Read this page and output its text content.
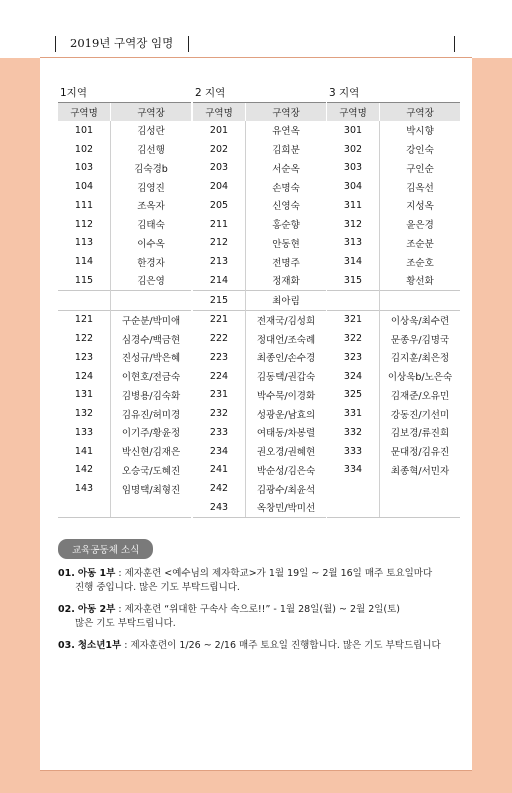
2019년 구역장 임명
1지역
구역명	구역장
101	김성란
102	김선행
103	김숙경b
104	김영진
111	조옥자
112	김태숙
113	이수옥
114	한경자
115	김은영

121	구순분/박미애
122	심경수/백금현
123	진성규/박은혜
124	이현호/전금숙
131	김병용/김숙화
132	김유진/허미경
133	이기주/황윤정
141	박신현/김재은
142	오승국/도혜진
143	임명택/최형진

2 지역
구역명	구역장
201	유연옥
202	김희분
203	서순옥
204	손명숙
205	신영숙
211	홍순향
212	안동현
213	전명주
214	정재화
215	최아림
221	전재국/김성희
222	정대언/조숙례
223	최종인/손수경
224	김동택/권갑숙
231	박수묵/이경화
232	성광운/남효의
233	여태동/차봉렬
234	권오경/권혜현
241	박순성/김은숙
242	김광수/최윤석
243	옥창민/박미선
3 지역
구역명	구역장
301	박시향
302	강인숙
303	구인순
304	김옥선
311	지성옥
312	윤은경
313	조순분
314	조순호
315	황선화

321	이상욱/최수련
322	문종우/김명국
323	김지훈/최은정
324	이상욱b/노은숙
325	김재준/오유민
331	강동진/기선미
332	김보경/류진희
333	문대정/김유진
334	최종혁/서민자

교육공동체 소식
01. 아동 1부 : 제자훈련 <예수님의 제자학교>가 1월 19일 ~ 2월 16일 매주 토요일마다
진행 중입니다. 많은 기도 부탁드립니다.
02. 아동 2부 : 제자훈련 “위대한 구속사 속으로!!” - 1월 28일(월) ~ 2월 2일(토)
많은 기도 부탁드립니다.
03. 청소년1부 : 제자훈련이 1/26 ~ 2/16 매주 토요일 진행합니다. 많은 기도 부탁드립니다
